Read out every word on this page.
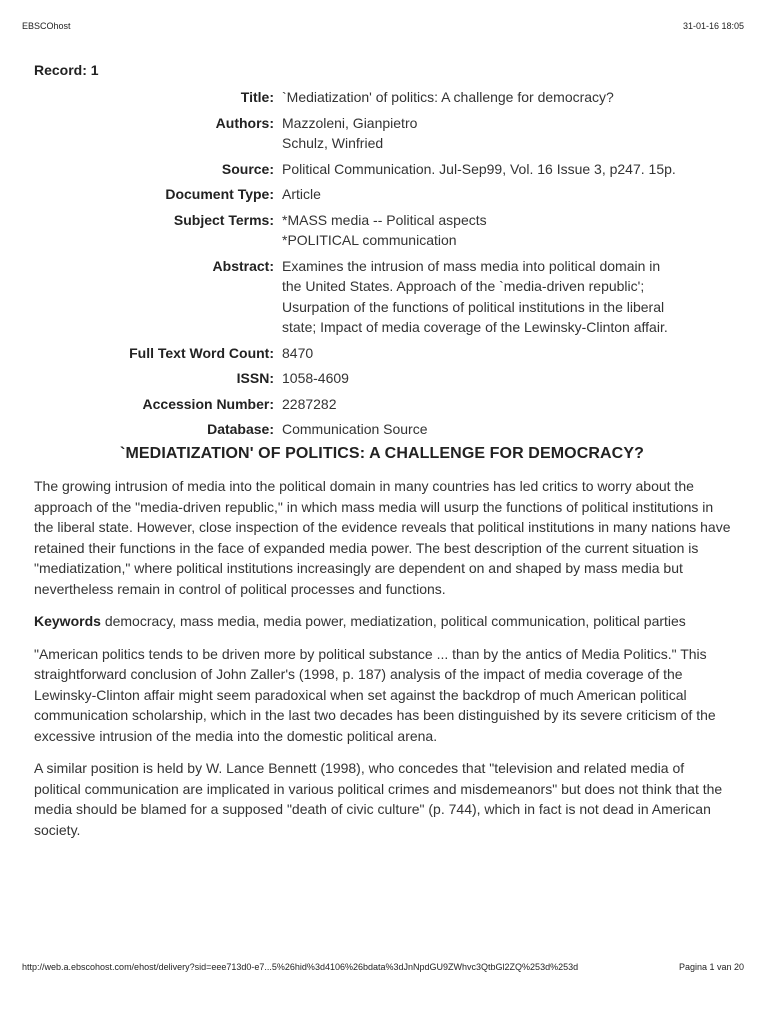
EBSCOhost	31-01-16 18:05
Record: 1
Title: `Mediatization' of politics: A challenge for democracy?
Authors: Mazzoleni, Gianpietro
Schulz, Winfried
Source: Political Communication. Jul-Sep99, Vol. 16 Issue 3, p247. 15p.
Document Type: Article
Subject Terms: *MASS media -- Political aspects
*POLITICAL communication
Abstract: Examines the intrusion of mass media into political domain in
the United States. Approach of the `media-driven republic';
Usurpation of the functions of political institutions in the liberal
state; Impact of media coverage of the Lewinsky-Clinton affair.
Full Text Word Count: 8470
ISSN: 1058-4609
Accession Number: 2287282
Database: Communication Source
`MEDIATIZATION' OF POLITICS: A CHALLENGE FOR DEMOCRACY?

The growing intrusion of media into the political domain in many countries has led critics to worry about the approach of the "media-driven republic," in which mass media will usurp the functions of political institutions in the liberal state. However, close inspection of the evidence reveals that political institutions in many nations have retained their functions in the face of expanded media power. The best description of the current situation is "mediatization," where political institutions increasingly are dependent on and shaped by mass media but nevertheless remain in control of political processes and functions.

Keywords democracy, mass media, media power, mediatization, political communication, political parties

"American politics tends to be driven more by political substance ... than by the antics of Media Politics." This straightforward conclusion of John Zaller's (1998, p. 187) analysis of the impact of media coverage of the Lewinsky-Clinton affair might seem paradoxical when set against the backdrop of much American political communication scholarship, which in the last two decades has been distinguished by its severe criticism of the excessive intrusion of the media into the domestic political arena.

A similar position is held by W. Lance Bennett (1998), who concedes that "television and related media of political communication are implicated in various political crimes and misdemeanors" but does not think that the media should be blamed for a supposed "death of civic culture" (p. 744), which in fact is not dead in American society.

http://web.a.ebscohost.com/ehost/delivery?sid=eee713d0-e7...5%26hid%3d4106%26bdata%3dJnNpdGU9ZWhvc3QtbGl2ZQ%253d%253d	Pagina 1 van 20
